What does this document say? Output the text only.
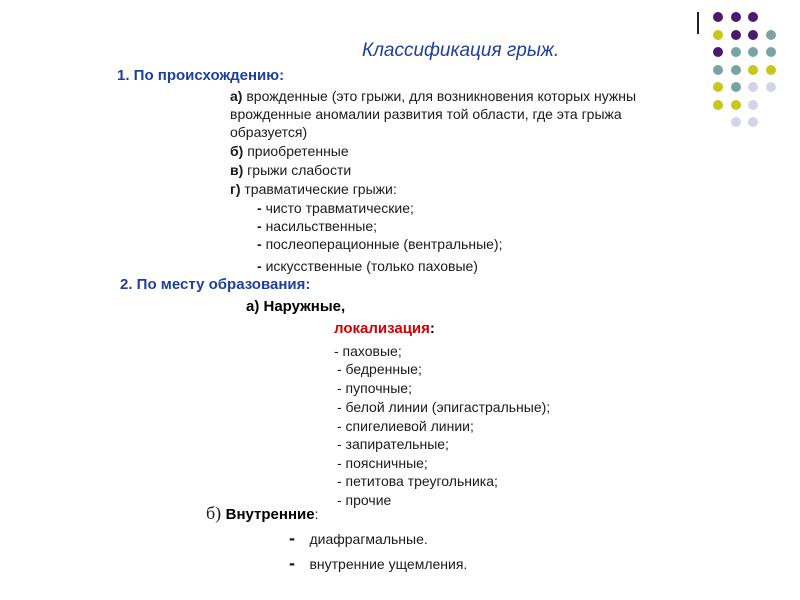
Классификация грыж.
1. По происхождению:
а) врожденные (это грыжи, для возникновения которых нужны
врожденные аномалии развития той области, где эта грыжа
образуется)
б) приобретенные
в) грыжи слабости
г) травматические грыжи:
- чисто травматические;
- насильственные;
- послеоперационные (вентральные);
- искусственные (только паховые)
2. По месту образования:
а) Наружные,
локализация:
- паховые;
- бедренные;
- пупочные;
- белой линии (эпигастральные);
- спигелиевой линии;
- запирательные;
- поясничные;
- петитова треугольника;
- прочие
б) Внутренние:
- диафрагмальные.
- внутренние ущемления.
